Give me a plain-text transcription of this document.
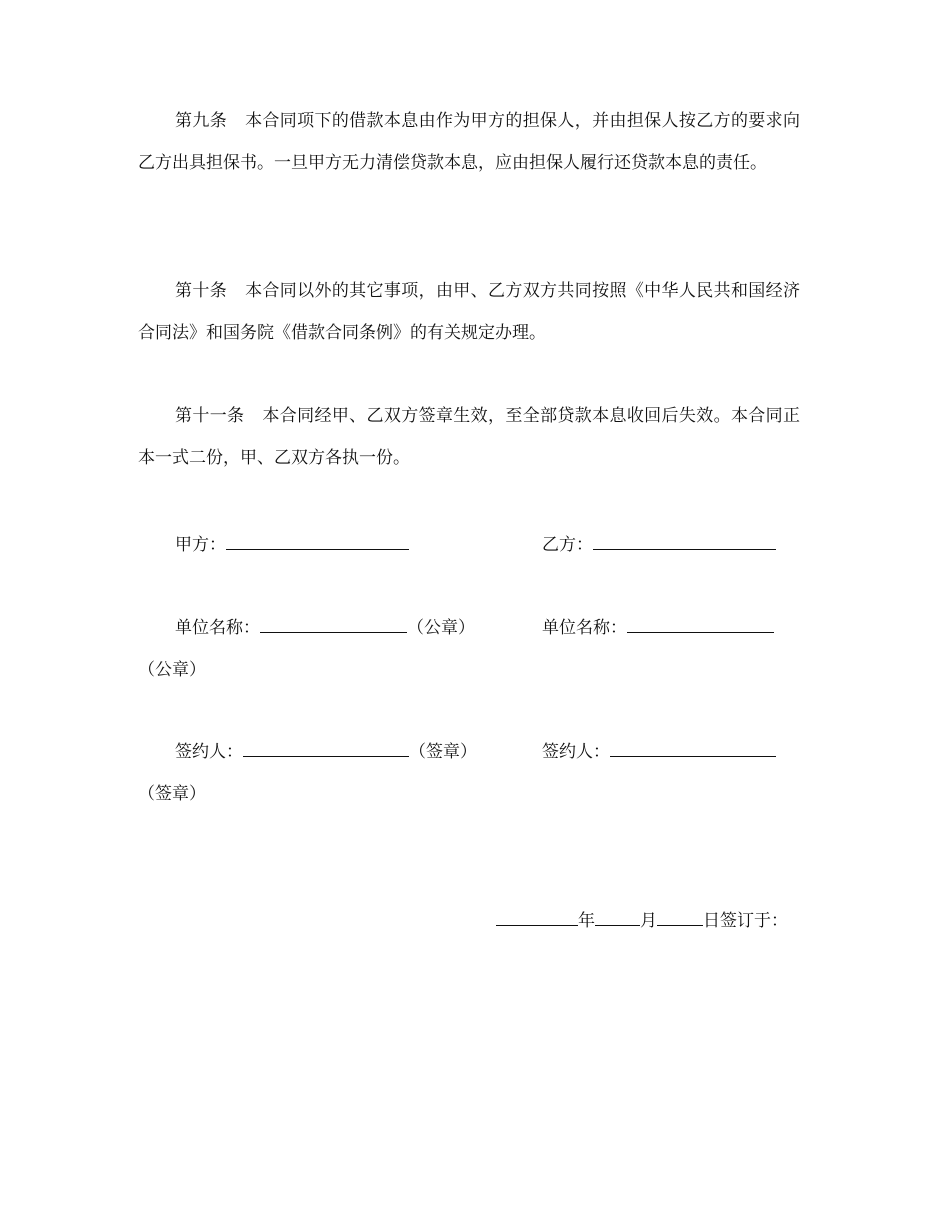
第九条 本合同项下的借款本息由作为甲方的担保人，并由担保人按乙方的要求向乙方出具担保书。一旦甲方无力清偿贷款本息，应由担保人履行还贷款本息的责任。

第十条 本合同以外的其它事项，由甲、乙方双方共同按照《中华人民共和国经济合同法》和国务院《借款合同条例》的有关规定办理。

第十一条 本合同经甲、乙双方签章生效，至全部贷款本息收回后失效。本合同正本一式二份，甲、乙双方各执一份。

甲方：	乙方：
单位名称：	（公章）	单位名称：
（公章）
签约人：	（签章）	签约人：
（签章）
年	月	日签订于：
